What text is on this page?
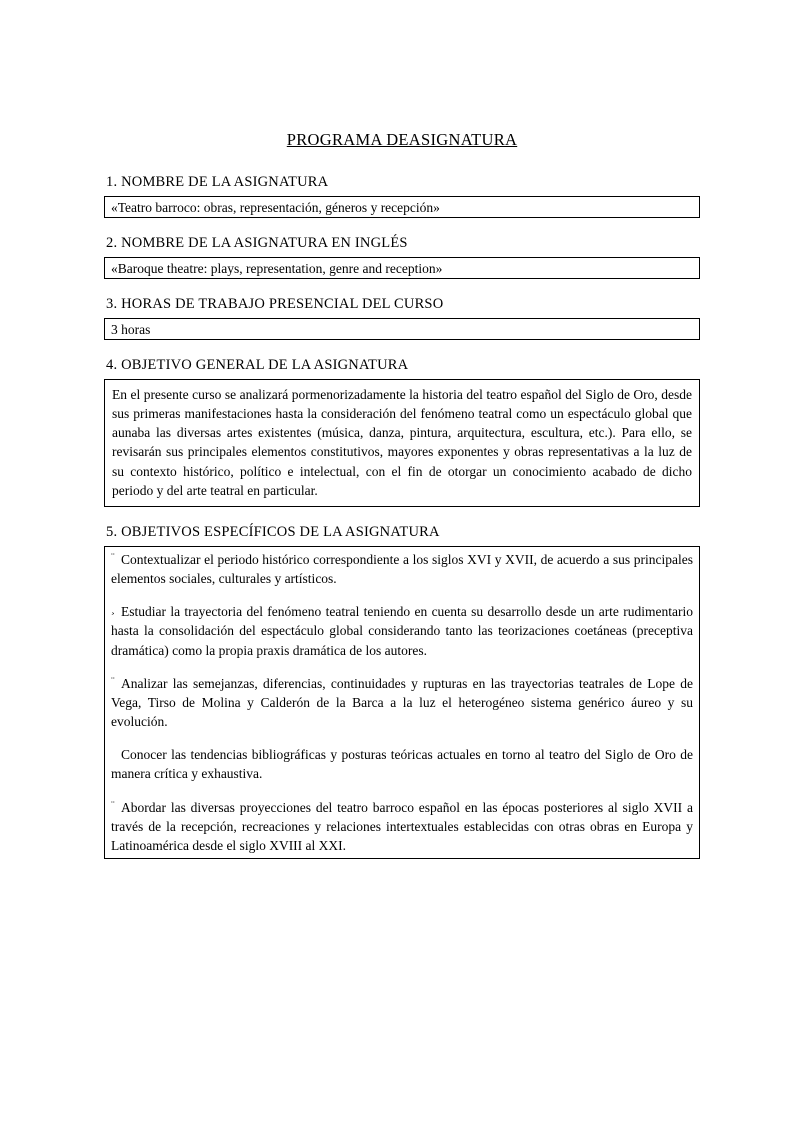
PROGRAMA DEASIGNATURA
1. NOMBRE DE LA ASIGNATURA
«Teatro barroco: obras, representación, géneros y recepción»
2. NOMBRE DE LA ASIGNATURA EN INGLÉS
«Baroque theatre: plays, representation, genre and reception»
3. HORAS DE TRABAJO PRESENCIAL DEL CURSO
3 horas
4. OBJETIVO GENERAL DE LA ASIGNATURA

En el presente curso se analizará pormenorizadamente la historia del teatro español del Siglo de Oro, desde sus primeras manifestaciones hasta la consideración del fenómeno teatral como un espectáculo global que aunaba las diversas artes existentes (música, danza, pintura, arquitectura, escultura, etc.). Para ello, se revisarán sus principales elementos constitutivos, mayores exponentes y obras representativas a la luz de su contexto histórico, político e intelectual, con el fin de otorgar un conocimiento acabado de dicho periodo y del arte teatral en particular.

5. OBJETIVOS ESPECÍFICOS DE LA ASIGNATURA

¨ Contextualizar el periodo histórico correspondiente a los siglos XVI y XVII, de acuerdo a sus principales elementos sociales, culturales y artísticos.

¸ Estudiar la trayectoria del fenómeno teatral teniendo en cuenta su desarrollo desde un arte rudimentario hasta la consolidación del espectáculo global considerando tanto las teorizaciones coetáneas (preceptiva dramática) como la propia praxis dramática de los autores.

¨ Analizar las semejanzas, diferencias, continuidades y rupturas en las trayectorias teatrales de Lope de Vega, Tirso de Molina y Calderón de la Barca a la luz el heterogéneo sistema genérico áureo y su evolución.

Conocer las tendencias bibliográficas y posturas teóricas actuales en torno al teatro del Siglo de Oro de manera crítica y exhaustiva.

¨ Abordar las diversas proyecciones del teatro barroco español en las épocas posteriores al siglo XVII a través de la recepción, recreaciones y relaciones intertextuales establecidas con otras obras en Europa y Latinoamérica desde el siglo XVIII al XXI.
